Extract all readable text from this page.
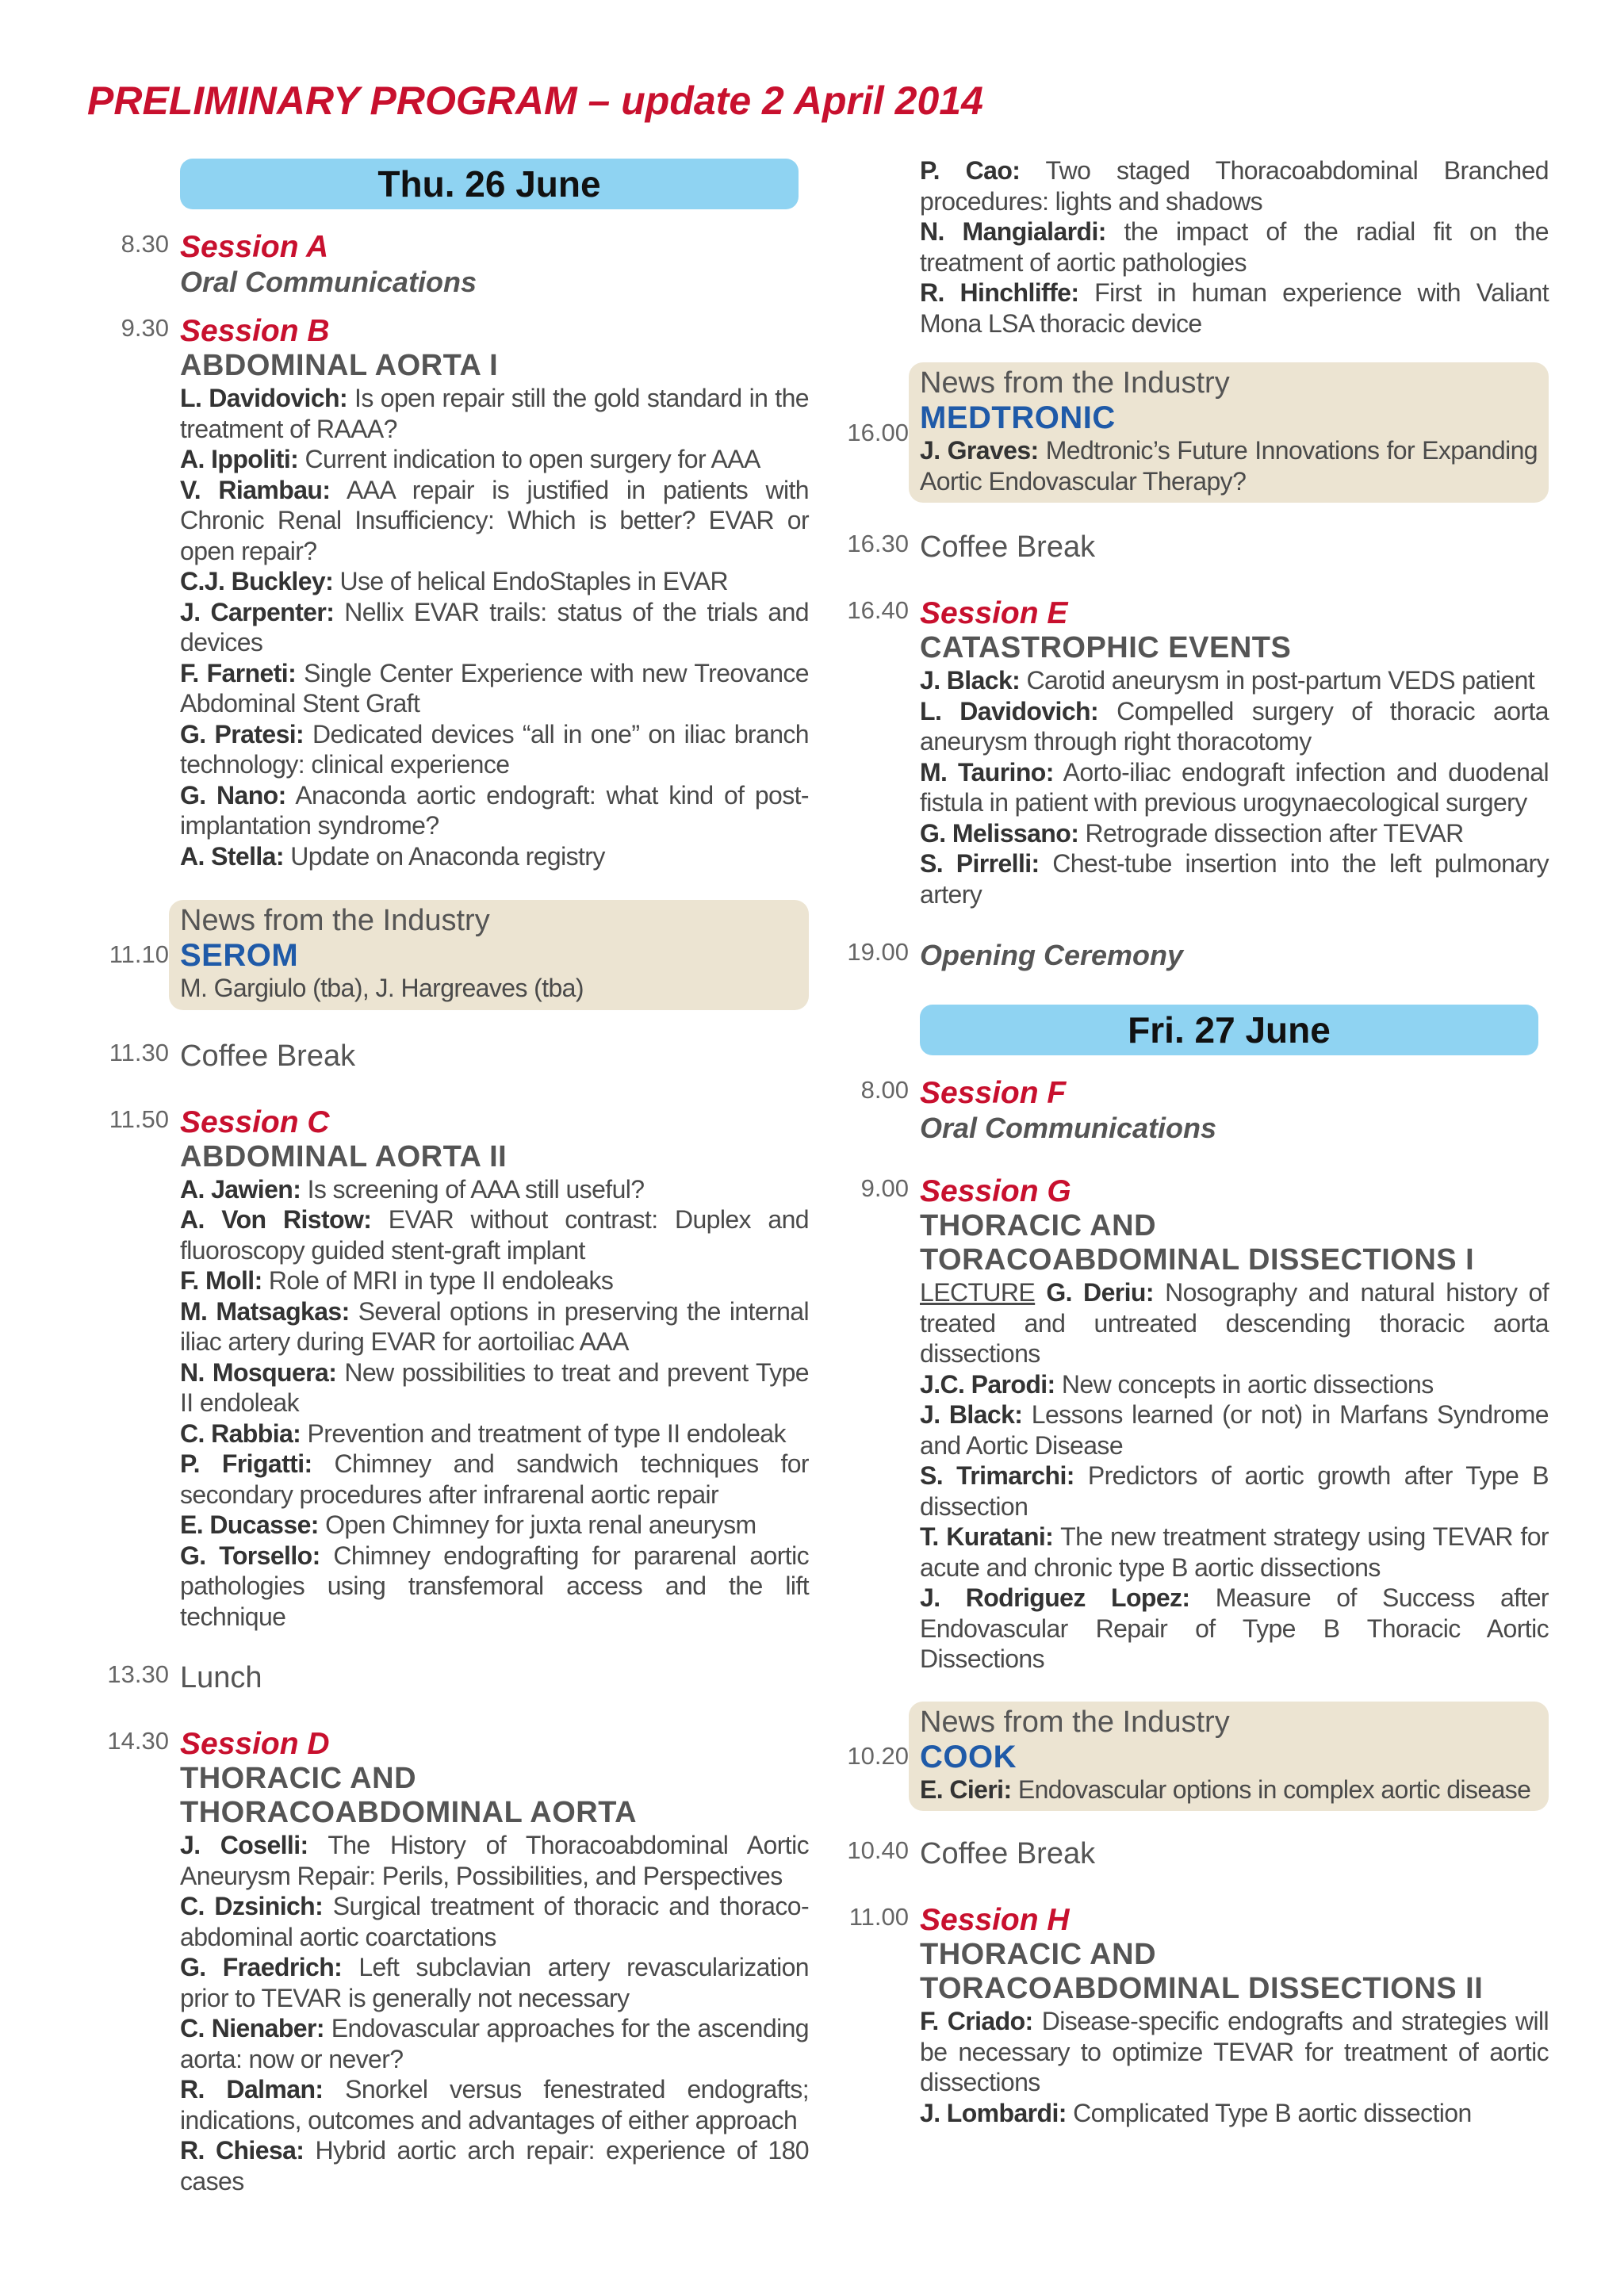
PRELIMINARY PROGRAM – update 2 April 2014
Thu. 26 June
8.30 Session A
Oral Communications
9.30 Session B
ABDOMINAL AORTA I
L. Davidovich: Is open repair still the gold standard in the treatment of RAAA?
A. Ippoliti: Current indication to open surgery for AAA
V. Riambau: AAA repair is justified in patients with Chronic Renal Insufficiency: Which is better? EVAR or open repair?
C.J. Buckley: Use of helical EndoStaples in EVAR
J. Carpenter: Nellix EVAR trails: status of the trials and devices
F. Farneti: Single Center Experience with new Treovance Abdominal Stent Graft
G. Pratesi: Dedicated devices “all in one” on iliac branch technology: clinical experience
G. Nano: Anaconda aortic endograft: what kind of post-implantation syndrome?
A. Stella: Update on Anaconda registry
11.10
News from the Industry
SEROM
M. Gargiulo (tba), J. Hargreaves (tba)
11.30 Coffee Break
11.50 Session C
ABDOMINAL AORTA II
A. Jawien: Is screening of AAA still useful?
A. Von Ristow: EVAR without contrast: Duplex and fluoroscopy guided stent-graft implant
F. Moll: Role of MRI in type II endoleaks
M. Matsagkas: Several options in preserving the internal iliac artery during EVAR for aortoiliac AAA
N. Mosquera: New possibilities to treat and prevent Type II endoleak
C. Rabbia: Prevention and treatment of type II endoleak
P. Frigatti: Chimney and sandwich techniques for secondary procedures after infrarenal aortic repair
E. Ducasse: Open Chimney for juxta renal aneurysm
G. Torsello: Chimney endografting for pararenal aortic pathologies using transfemoral access and the lift technique
13.30 Lunch
14.30 Session D
THORACIC AND
THORACOABDOMINAL AORTA
J. Coselli: The History of Thoracoabdominal Aortic Aneurysm Repair: Perils, Possibilities, and Perspectives
C. Dzsinich: Surgical treatment of thoracic and thoraco-abdominal aortic coarctations
G. Fraedrich: Left subclavian artery revascularization prior to TEVAR is generally not necessary
C. Nienaber: Endovascular approaches for the ascending aorta: now or never?
R. Dalman: Snorkel versus fenestrated endografts; indications, outcomes and advantages of either approach
R. Chiesa: Hybrid aortic arch repair: experience of 180 cases
P. Cao: Two staged Thoracoabdominal Branched procedures: lights and shadows
N. Mangialardi: the impact of the radial fit on the treatment of aortic pathologies
R. Hinchliffe: First in human experience with Valiant Mona LSA thoracic device
16.00
News from the Industry
MEDTRONIC
J. Graves: Medtronic’s Future Innovations for Expanding Aortic Endovascular Therapy?
16.30 Coffee Break
16.40 Session E
CATASTROPHIC EVENTS
J. Black: Carotid aneurysm in post-partum VEDS patient
L. Davidovich: Compelled surgery of thoracic aorta aneurysm through right thoracotomy
M. Taurino: Aorto-iliac endograft infection and duodenal fistula in patient with previous urogynaecological surgery
G. Melissano: Retrograde dissection after TEVAR
S. Pirrelli: Chest-tube insertion into the left pulmonary artery
19.00 Opening Ceremony
Fri. 27 June
8.00 Session F
Oral Communications
9.00 Session G
THORACIC AND
TORACOABDOMINAL DISSECTIONS I
LECTURE G. Deriu: Nosography and natural history of treated and untreated descending thoracic aorta dissections
J.C. Parodi: New concepts in aortic dissections
J. Black: Lessons learned (or not) in Marfans Syndrome and Aortic Disease
S. Trimarchi: Predictors of aortic growth after Type B dissection
T. Kuratani: The new treatment strategy using TEVAR for acute and chronic type B aortic dissections
J. Rodriguez Lopez: Measure of Success after Endovascular Repair of Type B Thoracic Aortic Dissections
10.20
News from the Industry
COOK
E. Cieri: Endovascular options in complex aortic disease
10.40 Coffee Break
11.00 Session H
THORACIC AND
TORACOABDOMINAL DISSECTIONS II
F. Criado: Disease-specific endografts and strategies will be necessary to optimize TEVAR for treatment of aortic dissections
J. Lombardi: Complicated Type B aortic dissection
